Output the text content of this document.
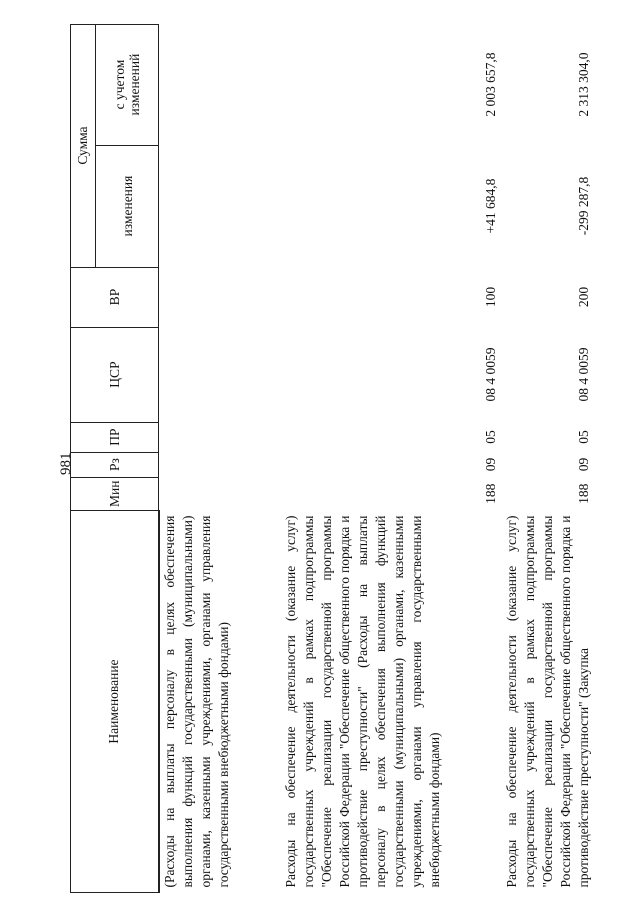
981
Наименование	Мин	Рз	ПР	ЦСР	ВР	Сумма	
						изменения	с учетом изменений
(Расходы на выплаты персоналу в целях обеспечения выполнения функций государственными (муниципальными) органами, казенными учреждениями, органами управления государственными внебюджетными фондами)							
Расходы на обеспечение деятельности (оказание услуг) государственных учреждений в рамках подпрограммы "Обеспечение реализации государственной программы Российской Федерации "Обеспечение общественного порядка и противодействие преступности" (Расходы на выплаты персоналу в целях обеспечения выполнения функций государственными (муниципальными) органами, казенными учреждениями, органами управления государственными внебюджетными фондами)	188	09	05	08 4 0059	100	+41 684,8	2 003 657,8
Расходы на обеспечение деятельности (оказание услуг) государственных учреждений в рамках подпрограммы "Обеспечение реализации государственной программы Российской Федерации "Обеспечение общественного порядка и противодействие преступности" (Закупка	188	09	05	08 4 0059	200	-299 287,8	2 313 304,0
